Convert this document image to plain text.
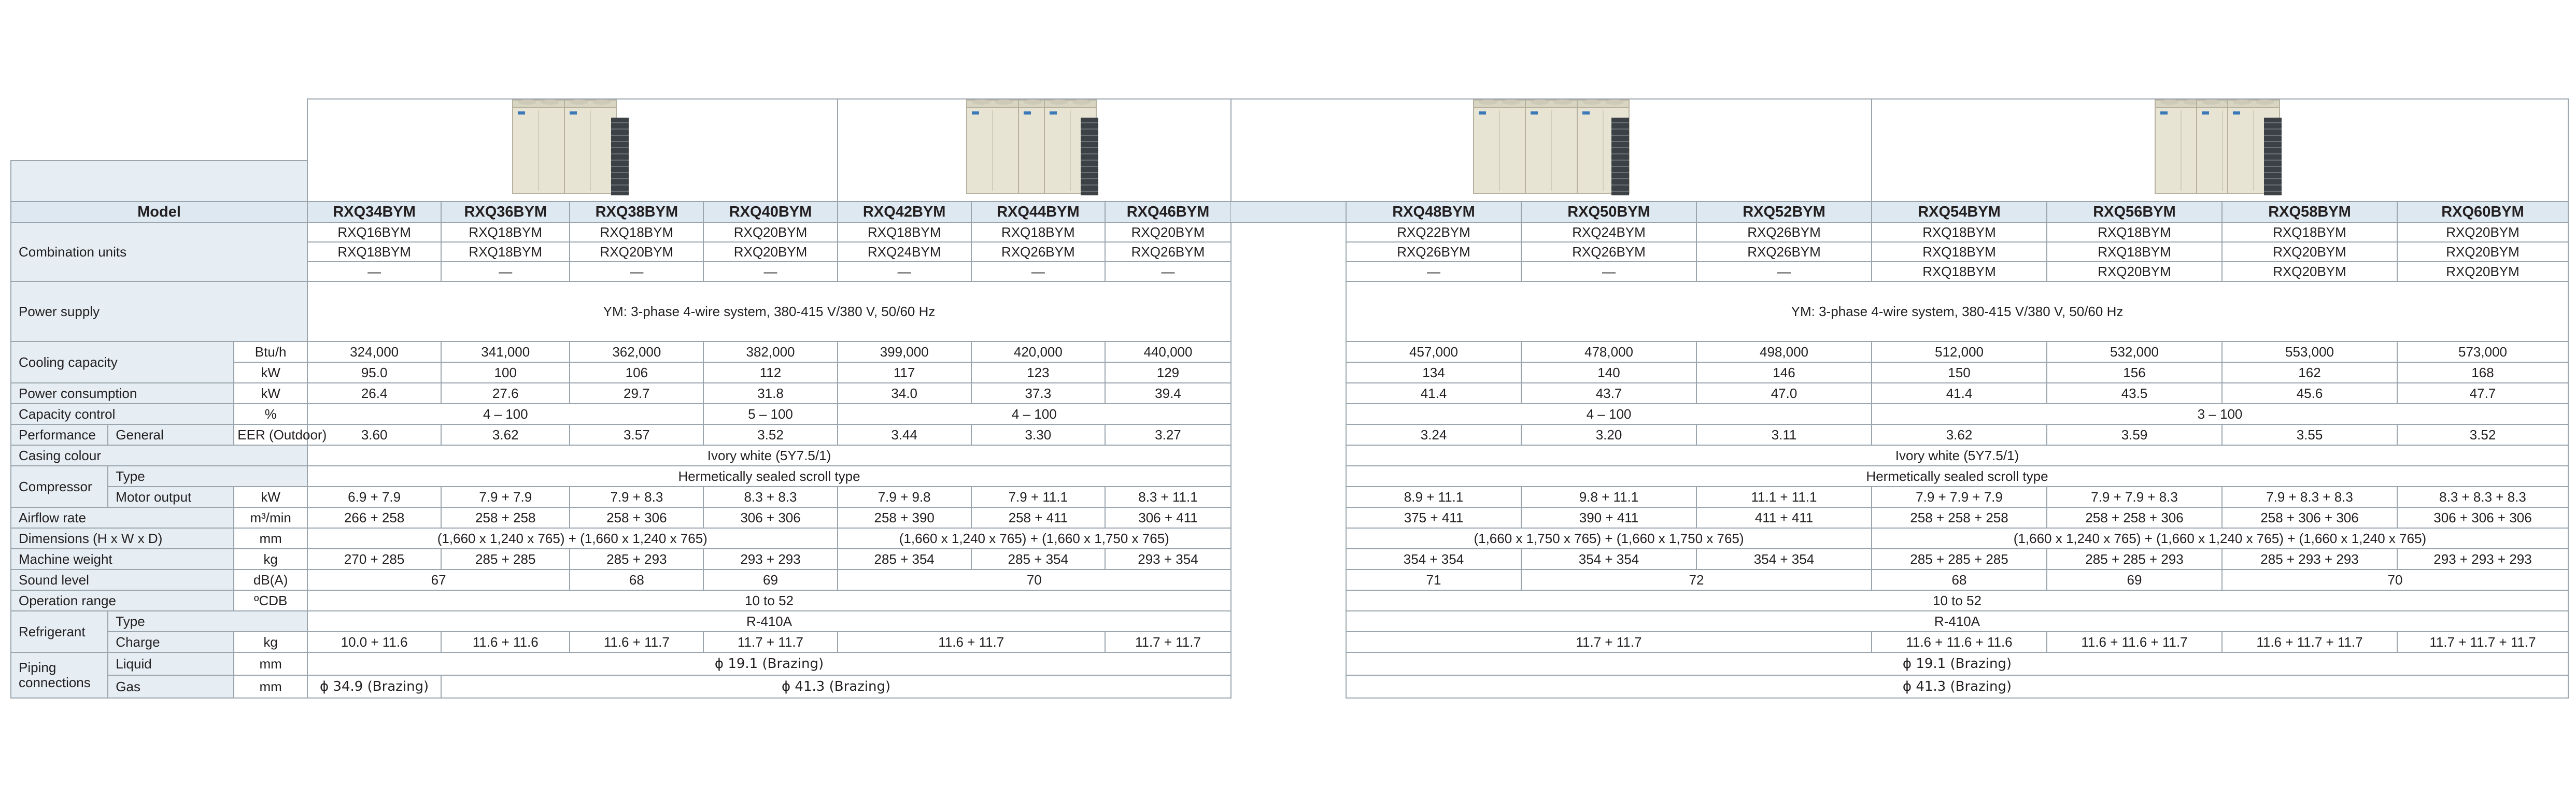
Model			RXQ34BYM	RXQ36BYM	RXQ38BYM	RXQ40BYM	RXQ42BYM	RXQ44BYM	RXQ46BYM
Combination units			RXQ16BYM	RXQ18BYM	RXQ18BYM	RXQ20BYM	RXQ18BYM	RXQ18BYM	RXQ20BYM
			RXQ18BYM	RXQ18BYM	RXQ20BYM	RXQ20BYM	RXQ24BYM	RXQ26BYM	RXQ26BYM
			—	—	—	—	—	—	—
Power supply			YM: 3-phase 4-wire system, 380-415 V/380 V, 50/60 Hz						
Cooling capacity		Btu/h	324,000	341,000	362,000	382,000	399,000	420,000	440,000
		kW	95.0	100	106	112	117	123	129
Power consumption		kW	26.4	27.6	29.7	31.8	34.0	37.3	39.4
Capacity control		%	4 – 100			5 – 100	4 – 100		
Performance	General	EER (Outdoor)	3.60	3.62	3.57	3.52	3.44	3.30	3.27
Casing colour			Ivory white (5Y7.5/1)						
Compressor	Type		Hermetically sealed scroll type						
	Motor output	kW	6.9 + 7.9	7.9 + 7.9	7.9 + 8.3	8.3 + 8.3	7.9 + 9.8	7.9 + 11.1	8.3 + 11.1
Airflow rate		m³/min	266 + 258	258 + 258	258 + 306	306 + 306	258 + 390	258 + 411	306 + 411
Dimensions (H x W x D)		mm	(1,660 x 1,240 x 765) + (1,660 x 1,240 x 765)				(1,660 x 1,240 x 765) + (1,660 x 1,750 x 765)		
Machine weight		kg	270 + 285	285 + 285	285 + 293	293 + 293	285 + 354	285 + 354	293 + 354
Sound level		dB(A)	67		68	69	70		
Operation range		ºCDB	10 to 52						
Refrigerant	Type		R-410A						
	Charge	kg	10.0 + 11.6	11.6 + 11.6	11.6 + 11.7	11.7 + 11.7	11.6 + 11.7		11.7 + 11.7
Piping connections	Liquid	mm	ϕ 19.1 (Brazing)						
	Gas	mm	ϕ 34.9 (Brazing)	ϕ 41.3 (Brazing)					

	RXQ48BYM	RXQ50BYM	RXQ52BYM	RXQ54BYM	RXQ56BYM	RXQ58BYM	RXQ60BYM
	RXQ22BYM	RXQ24BYM	RXQ26BYM	RXQ18BYM	RXQ18BYM	RXQ18BYM	RXQ20BYM
	RXQ26BYM	RXQ26BYM	RXQ26BYM	RXQ18BYM	RXQ18BYM	RXQ20BYM	RXQ20BYM
	—	—	—	RXQ18BYM	RXQ20BYM	RXQ20BYM	RXQ20BYM
	YM: 3-phase 4-wire system, 380-415 V/380 V, 50/60 Hz						
	457,000	478,000	498,000	512,000	532,000	553,000	573,000
	134	140	146	150	156	162	168
	41.4	43.7	47.0	41.4	43.5	45.6	47.7
	4 – 100			3 – 100			
	3.24	3.20	3.11	3.62	3.59	3.55	3.52
	Ivory white (5Y7.5/1)						
	Hermetically sealed scroll type						
	8.9 + 11.1	9.8 + 11.1	11.1 + 11.1	7.9 + 7.9 + 7.9	7.9 + 7.9 + 8.3	7.9 + 8.3 + 8.3	8.3 + 8.3 + 8.3
	375 + 411	390 + 411	411 + 411	258 + 258 + 258	258 + 258 + 306	258 + 306 + 306	306 + 306 + 306
	(1,660 x 1,750 x 765) + (1,660 x 1,750 x 765)			(1,660 x 1,240 x 765) + (1,660 x 1,240 x 765) + (1,660 x 1,240 x 765)			
	354 + 354	354 + 354	354 + 354	285 + 285 + 285	285 + 285 + 293	285 + 293 + 293	293 + 293 + 293
	71	72		68	69	70	
	10 to 52						
	R-410A						
	11.7 + 11.7			11.6 + 11.6 + 11.6	11.6 + 11.6 + 11.7	11.6 + 11.7 + 11.7	11.7 + 11.7 + 11.7
	ϕ 19.1 (Brazing)						
	ϕ 41.3 (Brazing)						
